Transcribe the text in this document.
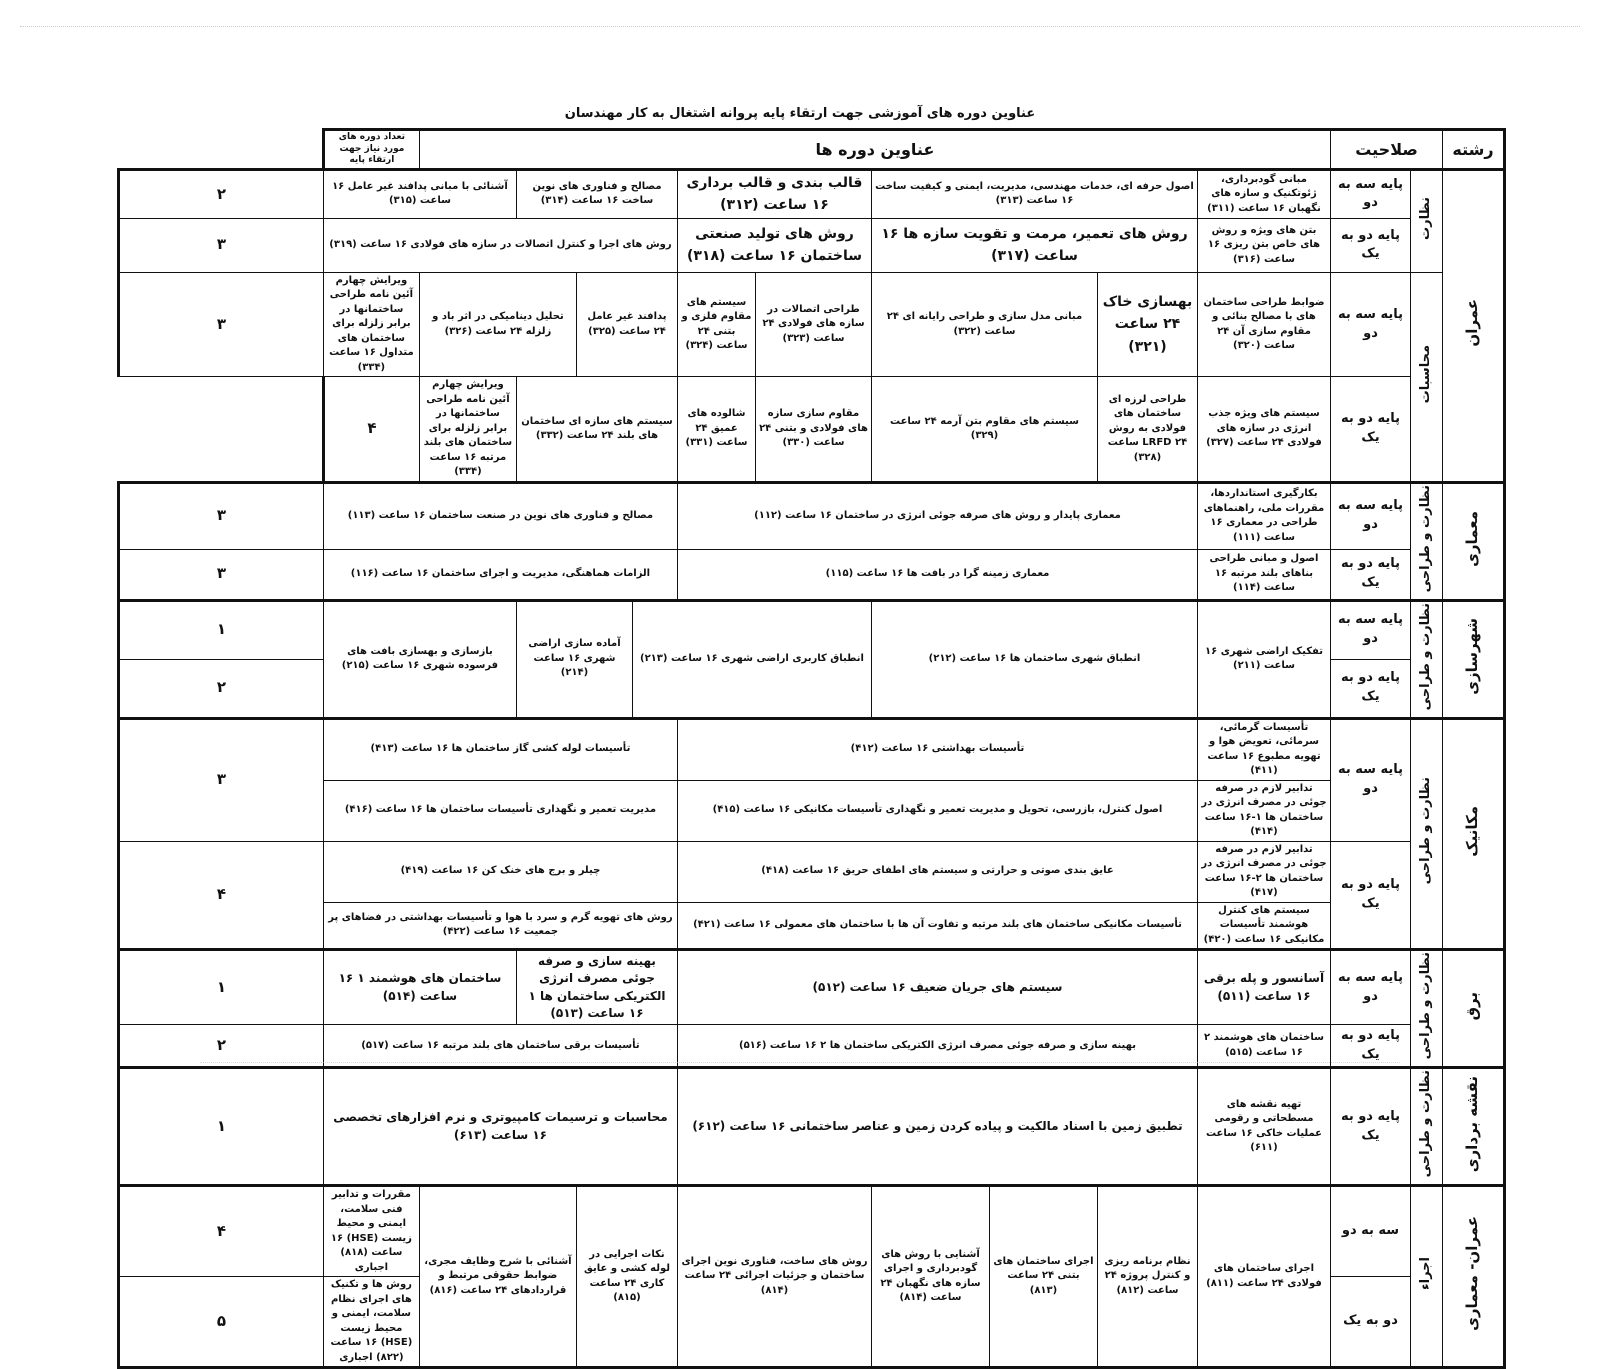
عناوین دوره های آموزشی جهت ارتقاء پایه پروانه اشتغال به کار مهندسان
رشته	صلاحیت		عناوین دوره ها										تعداد دوره های مورد نیاز جهت ارتقاء پایه	
عمران	نظارت	پایه سه به دو	مبانی گودبرداری، ژئوتکنیک و سازه های نگهبان ۱۶ ساعت (۳۱۱)	اصول حرفه ای، خدمات مهندسی، مدیریت، ایمنی و کیفیت ساخت ۱۶ ساعت (۳۱۳)			قالب بندی و قالب برداری ۱۶ ساعت (۳۱۲)		مصالح و فناوری های نوین ساخت ۱۶ ساعت (۳۱۴)			آشنائی با مبانی پدافند غیر عامل ۱۶ ساعت (۳۱۵)		۲
		پایه دو به یک	بتن های ویژه و روش های خاص بتن ریزی ۱۶ ساعت (۳۱۶)	روش های تعمیر، مرمت و تقویت سازه ها ۱۶ ساعت (۳۱۷)			روش های تولید صنعتی ساختمان ۱۶ ساعت (۳۱۸)		روش های اجرا و کنترل اتصالات در سازه های فولادی ۱۶ ساعت (۳۱۹)					۳
	محاسبات	پایه سه به دو	ضوابط طراحی ساختمان های با مصالح بنائی و مقاوم سازی آن ۲۴ ساعت (۳۲۰)	بهسازی خاک ۲۴ ساعت (۳۲۱)	مبانی مدل سازی و طراحی رایانه ای ۲۴ ساعت (۳۲۲)		طراحی اتصالات در سازه های فولادی ۲۴ ساعت (۳۲۳)	سیستم های مقاوم فلزی و بتنی ۲۴ ساعت (۳۲۴)	پدافند غیر عامل ۲۴ ساعت (۳۲۵)		تحلیل دینامیکی در اثر باد و زلزله ۲۴ ساعت (۳۲۶)		ویرایش چهارم آئین نامه طراحی ساختمانها در برابر زلزله برای ساختمان های متداول ۱۶ ساعت (۳۳۴)	۳
		پایه دو به یک	سیستم های ویژه جذب انرژی در سازه های فولادی ۲۴ ساعت (۳۲۷)	طراحی لرزه ای ساختمان های فولادی به روش LRFD ۲۴ ساعت (۳۲۸)	سیستم های مقاوم بتن آرمه ۲۴ ساعت (۳۲۹)		مقاوم سازی سازه های فولادی و بتنی ۲۴ ساعت (۳۳۰)	شالوده های عمیق ۲۴ ساعت (۳۳۱)	سیستم های سازه ای ساختمان های بلند ۲۴ ساعت (۳۳۲)			ویرایش چهارم آئین نامه طراحی ساختمانها در برابر زلزله برای ساختمان های بلند مرتبه ۱۶ ساعت (۳۳۴)	۴	
معماری	نظارت و طراحی	پایه سه به دو	بکارگیری استانداردها، مقررات ملی، راهنماهای طراحی در معماری ۱۶ ساعت (۱۱۱)	معماری پایدار و روش های صرفه جوئی انرژی در ساختمان ۱۶ ساعت (۱۱۲)					مصالح و فناوری های نوین در صنعت ساختمان ۱۶ ساعت (۱۱۳)					۳
		پایه دو به یک	اصول و مبانی طراحی بناهای بلند مرتبه ۱۶ ساعت (۱۱۴)	معماری زمینه گرا در بافت ها ۱۶ ساعت (۱۱۵)					الزامات هماهنگی، مدیریت و اجرای ساختمان ۱۶ ساعت (۱۱۶)					۳
شهرسازی	نظارت و طراحی	پایه سه به دو	تفکیک اراضی شهری ۱۶ ساعت (۲۱۱)	انطباق شهری ساختمان ها ۱۶ ساعت (۲۱۲)			انطباق کاربری اراضی شهری ۱۶ ساعت (۲۱۳)			آماده سازی اراضی شهری ۱۶ ساعت (۲۱۴)		بازسازی و بهسازی بافت های فرسوده شهری ۱۶ ساعت (۲۱۵)		۱
		پایه دو به یک												۲
مکانیک	نظارت و طراحی	پایه سه به دو	تأسیسات گرمائی، سرمائی، تعویض هوا و تهویه مطبوع ۱۶ ساعت (۴۱۱)	تأسیسات بهداشتی ۱۶ ساعت (۴۱۲)					تأسیسات لوله کشی گاز ساختمان ها ۱۶ ساعت (۴۱۳)					۳
			تدابیر لازم در صرفه جوئی در مصرف انرژی در ساختمان ها ۱-۱۶ ساعت (۴۱۴)	اصول کنترل، بازرسی، تحویل و مدیریت تعمیر و نگهداری تأسیسات مکانیکی ۱۶ ساعت (۴۱۵)					مدیریت تعمیر و نگهداری تأسیسات ساختمان ها ۱۶ ساعت (۴۱۶)					

		پایه دو به یک	تدابیر لازم در صرفه جوئی در مصرف انرژی در ساختمان ها ۲-۱۶ ساعت (۴۱۷)	عایق بندی صوتی و حرارتی و سیستم های اطفای حریق ۱۶ ساعت (۴۱۸)					چیلر و برج های خنک کن ۱۶ ساعت (۴۱۹)					۴
			سیستم های کنترل هوشمند تأسیسات مکانیکی ۱۶ ساعت (۴۲۰)	تأسیسات مکانیکی ساختمان های بلند مرتبه و تفاوت آن ها با ساختمان های معمولی ۱۶ ساعت (۴۲۱)					روش های تهویه گرم و سرد با هوا و تأسیسات بهداشتی در فضاهای پر جمعیت ۱۶ ساعت (۴۲۲)					

برق	نظارت و طراحی	پایه سه به دو	آسانسور و پله برقی ۱۶ ساعت (۵۱۱)	سیستم های جریان ضعیف ۱۶ ساعت (۵۱۲)					بهینه سازی و صرفه جوئی مصرف انرژی الکتریکی ساختمان ها ۱ ۱۶ ساعت (۵۱۳)			ساختمان های هوشمند ۱ ۱۶ ساعت (۵۱۴)		۱
		پایه دو به یک	ساختمان های هوشمند ۲ ۱۶ ساعت (۵۱۵)	بهینه سازی و صرفه جوئی مصرف انرژی الکتریکی ساختمان ها ۲ ۱۶ ساعت (۵۱۶)					تأسیسات برقی ساختمان های بلند مرتبه ۱۶ ساعت (۵۱۷)					۲
نقشه برداری	نظارت و طراحی	پایه دو به یک	تهیه نقشه های مسطحاتی و رقومی عملیات خاکی ۱۶ ساعت (۶۱۱)	تطبیق زمین با اسناد مالکیت و پیاده کردن زمین و عناصر ساختمانی ۱۶ ساعت (۶۱۲)					محاسبات و ترسیمات کامپیوتری و نرم افزارهای تخصصی ۱۶ ساعت (۶۱۳)					۱
عمران- معماری	اجراء	سه به دو	اجرای ساختمان های فولادی ۲۴ ساعت (۸۱۱)	نظام برنامه ریزی و کنترل پروژه ۲۴ ساعت (۸۱۲)	اجرای ساختمان های بتنی ۲۴ ساعت (۸۱۳)	آشنایی با روش های گودبرداری و اجرای سازه های نگهبان ۲۴ ساعت (۸۱۴)	روش های ساخت، فناوری نوین اجرای ساختمان و جزئیات اجرائی ۲۴ ساعت (۸۱۴)		نکات اجرایی در لوله کشی و عایق کاری ۲۴ ساعت (۸۱۵)		آشنائی با شرح وظایف مجری، ضوابط حقوقی مرتبط و قراردادهای ۲۴ ساعت (۸۱۶)		مقررات و تدابیر فنی سلامت، ایمنی و محیط زیست (HSE) ۱۶ ساعت (۸۱۸) اجباری	۴
		دو به یک											روش ها و تکنیک های اجرای نظام سلامت، ایمنی و محیط زیست (HSE) ۱۶ ساعت (۸۲۲) اجباری	۵
